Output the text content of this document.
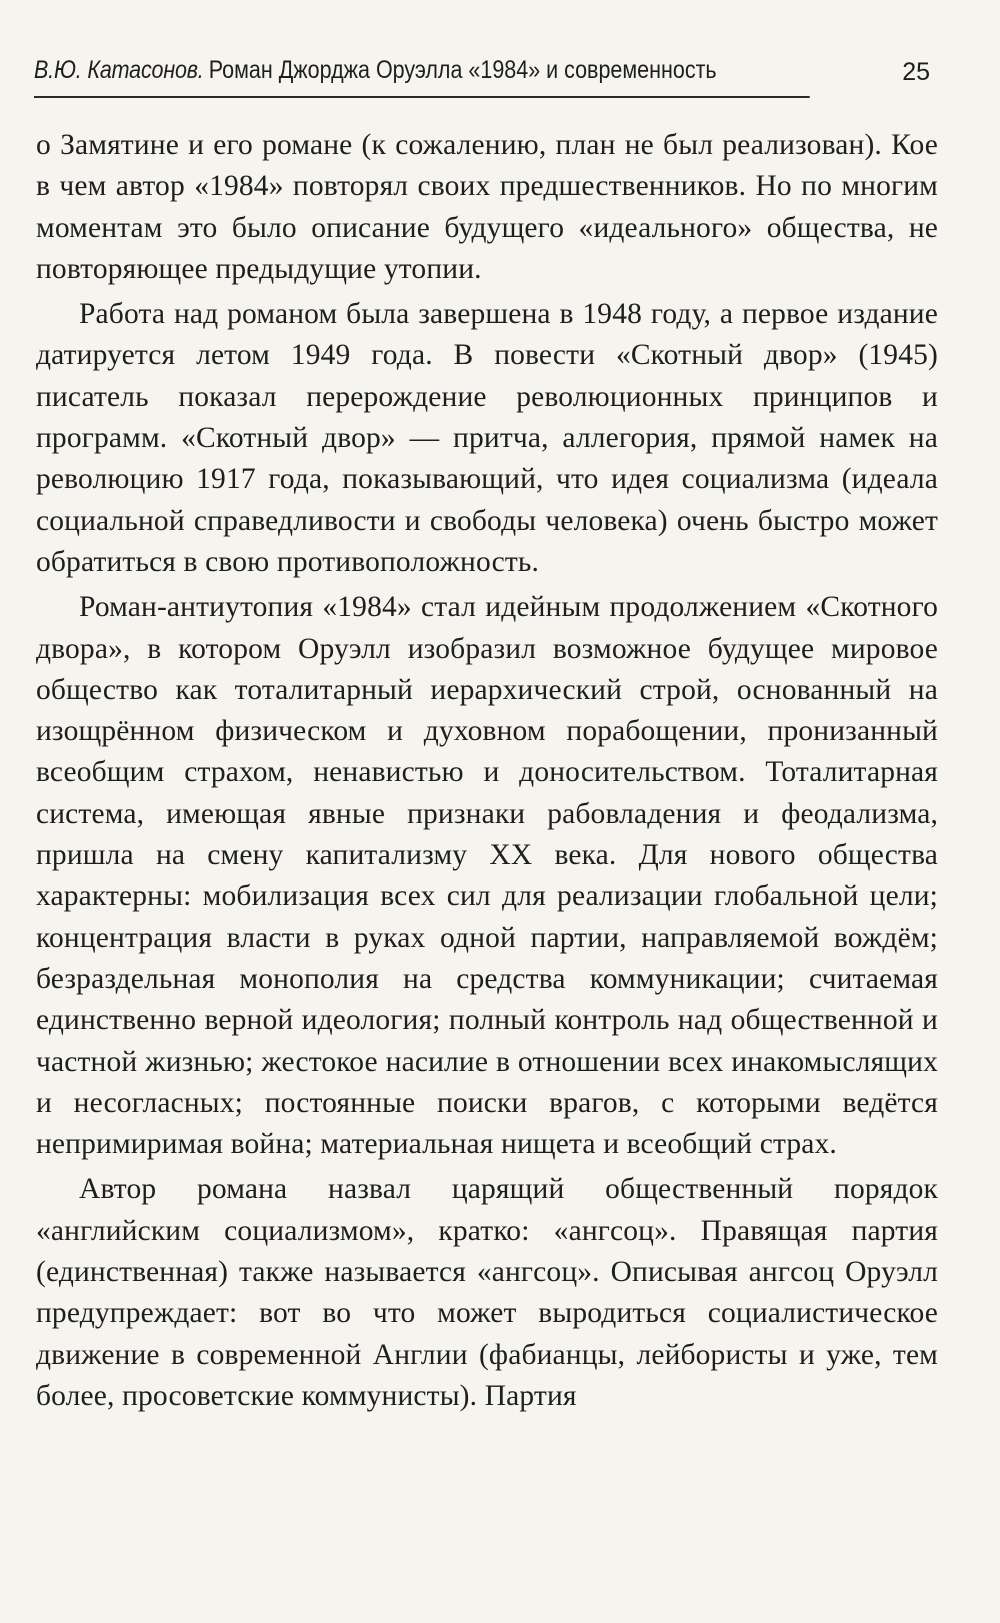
В.Ю. Катасонов. Роман Джорджа Оруэлла «1984» и современность	25

о Замятине и его романе (к сожалению, план не был реализован). Кое в чем автор «1984» повторял своих предшественников. Но по многим моментам это было описание будущего «идеального» общества, не повторяющее предыдущие утопии.

Работа над романом была завершена в 1948 году, а первое издание датируется летом 1949 года. В повести «Скотный двор» (1945) писатель показал перерождение революционных принципов и программ. «Скотный двор» — притча, аллегория, прямой намек на революцию 1917 года, показывающий, что идея социализма (идеала социальной справедливости и свободы человека) очень быстро может обратиться в свою противоположность.

Роман-антиутопия «1984» стал идейным продолжением «Скотного двора», в котором Оруэлл изобразил возможное будущее мировое общество как тоталитарный иерархический строй, основанный на изощрённом физическом и духовном порабощении, пронизанный всеобщим страхом, ненавистью и доносительством. Тоталитарная система, имеющая явные признаки рабовладения и феодализма, пришла на смену капитализму XX века. Для нового общества характерны: мобилизация всех сил для реализации глобальной цели; концентрация власти в руках одной партии, направляемой вождём; безраздельная монополия на средства коммуникации; считаемая единственно верной идеология; полный контроль над общественной и частной жизнью; жестокое насилие в отношении всех инакомыслящих и несогласных; постоянные поиски врагов, с которыми ведётся непримиримая война; материальная нищета и всеобщий страх.

Автор романа назвал царящий общественный порядок «английским социализмом», кратко: «ангсоц». Правящая партия (единственная) также называется «ангсоц». Описывая ангсоц Оруэлл предупреждает: вот во что может выродиться социалистическое движение в современной Англии (фабианцы, лейбористы и уже, тем более, просоветские коммунисты). Партия
